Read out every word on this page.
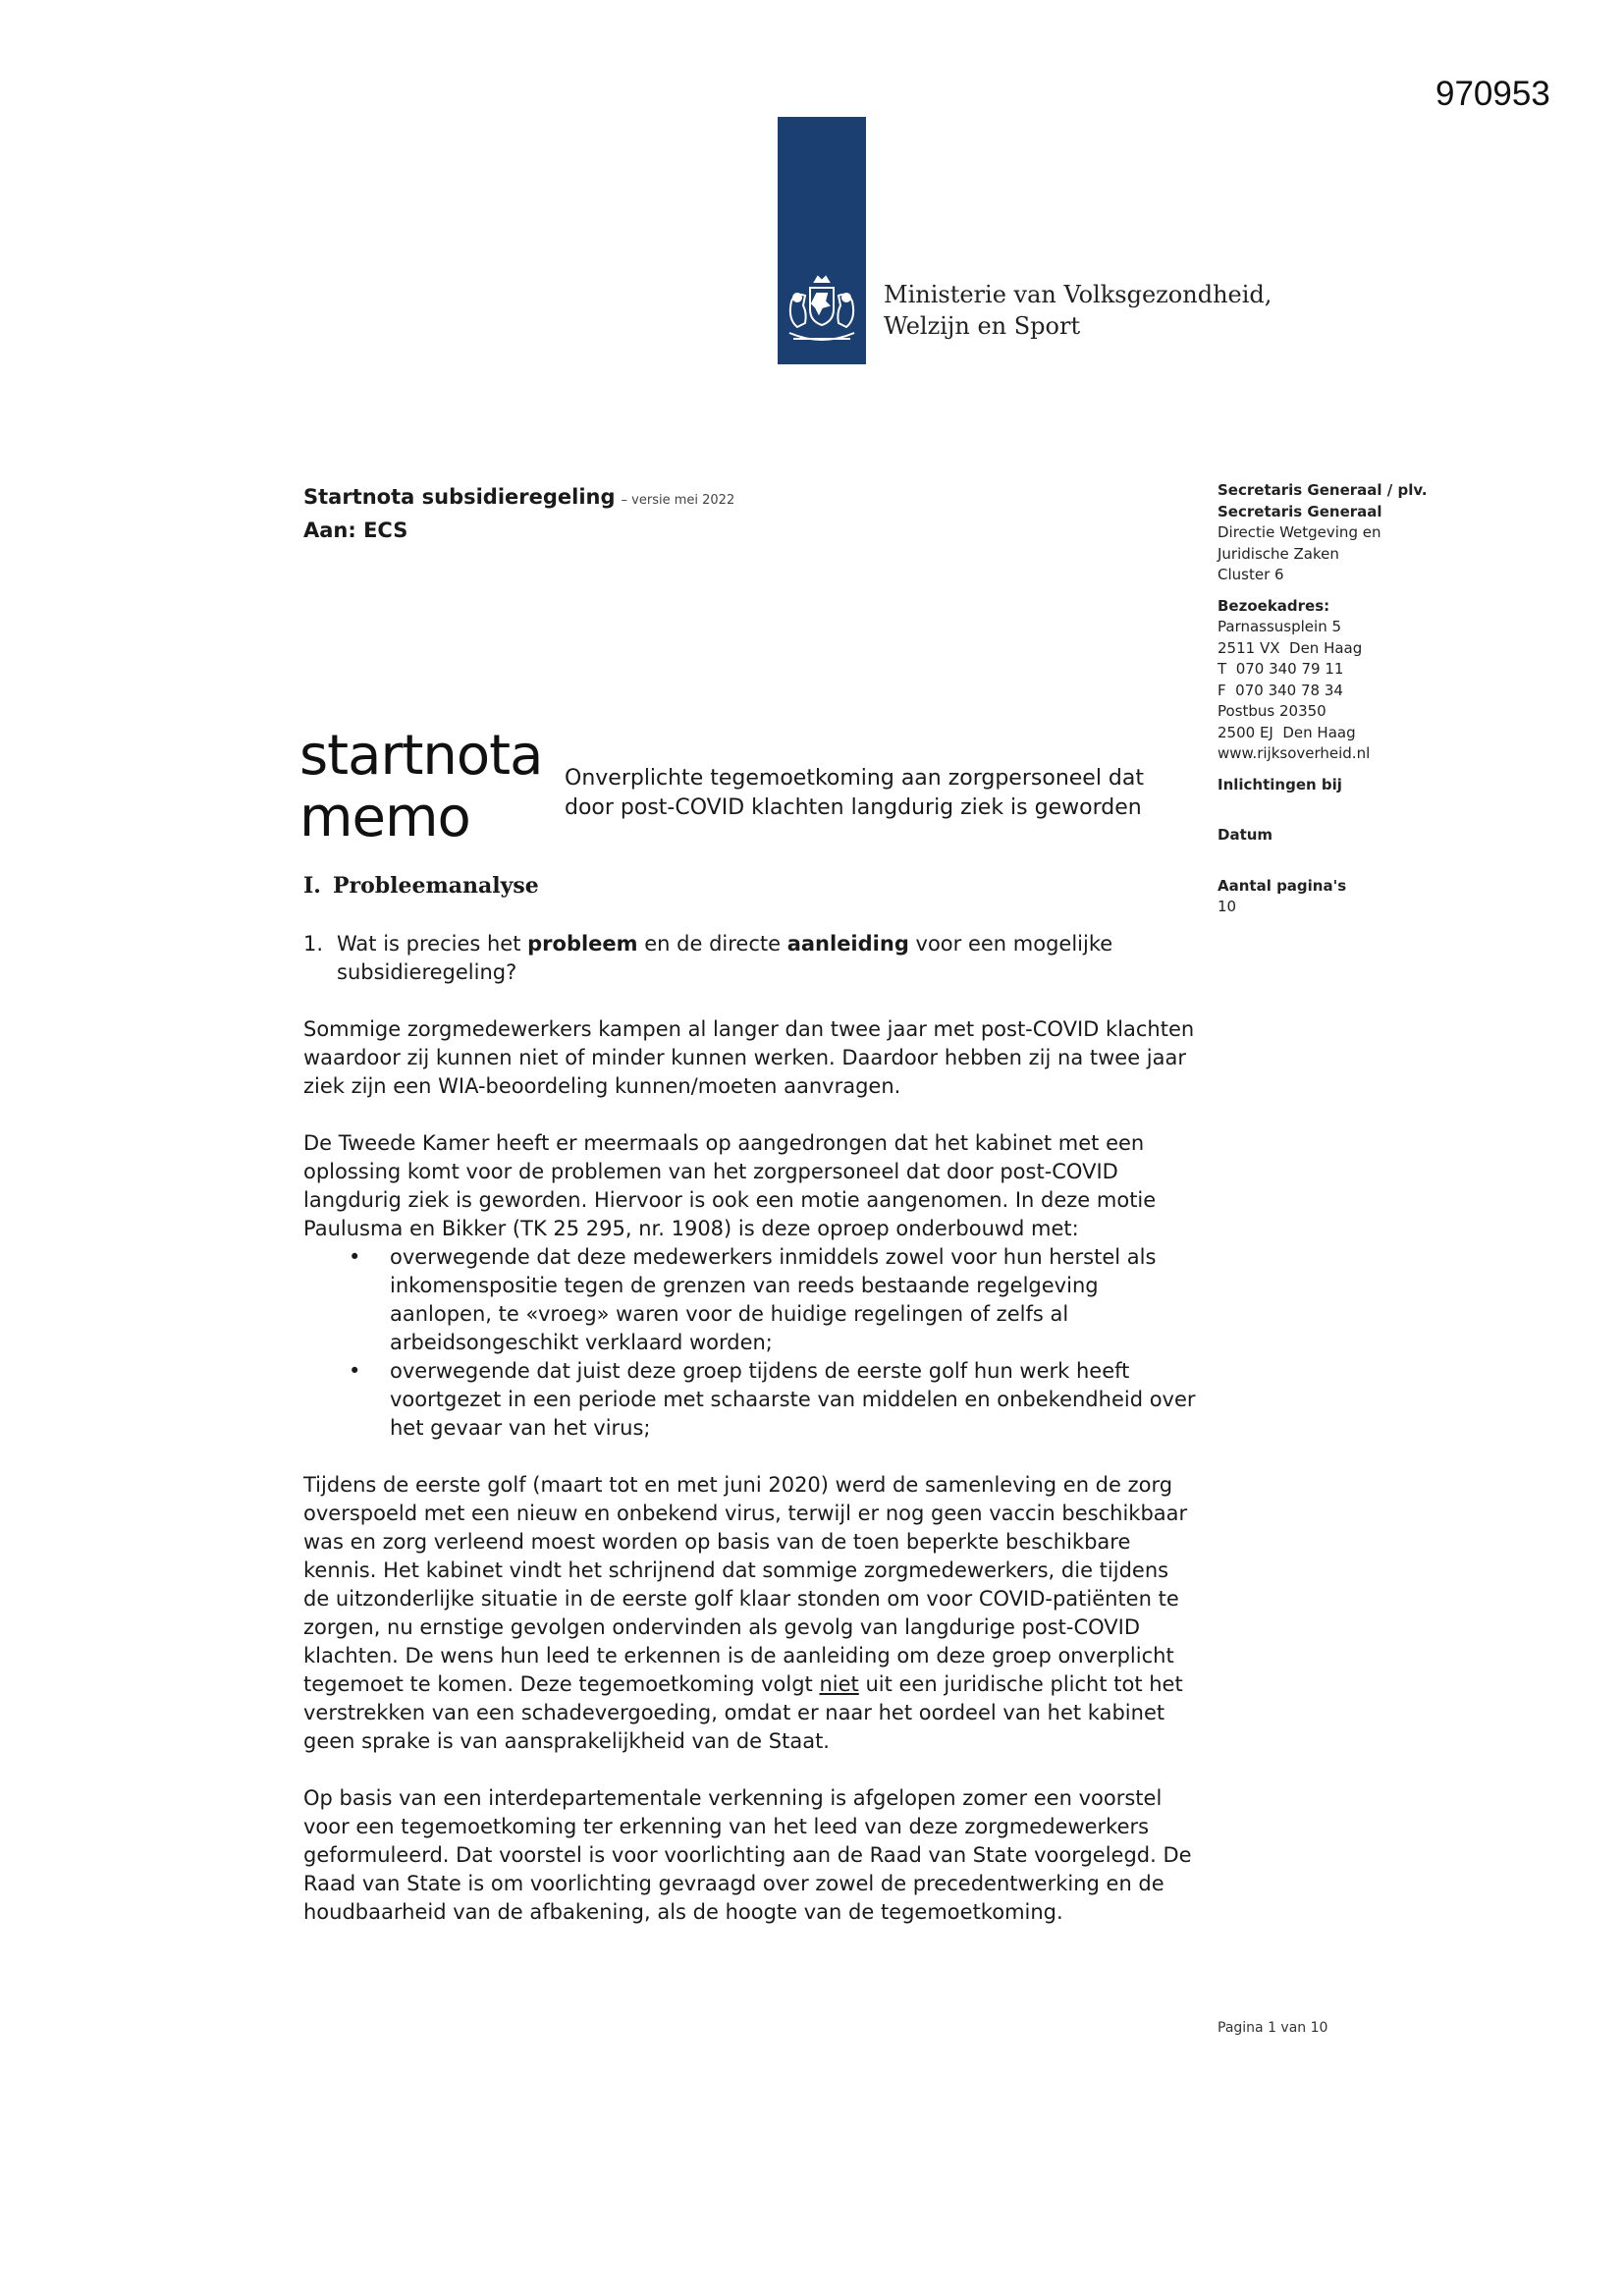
970953
Ministerie van Volksgezondheid,
Welzijn en Sport
Startnota subsidieregeling – versie mei 2022
Aan: ECS
Secretaris Generaal / plv.
Secretaris Generaal
Directie Wetgeving en
Juridische Zaken
Cluster 6
Bezoekadres:
Parnassusplein 5
2511 VX  Den Haag
T  070 340 79 11
F  070 340 78 34
Postbus 20350
2500 EJ  Den Haag
www.rijksoverheid.nl
Inlichtingen bij
Datum
Aantal pagina's
10
startnota
memo
Onverplichte tegemoetkoming aan zorgpersoneel dat door post-COVID klachten langdurig ziek is geworden
I. Probleemanalyse
1. Wat is precies het probleem en de directe aanleiding voor een mogelijke subsidieregeling?

Sommige zorgmedewerkers kampen al langer dan twee jaar met post-COVID klachten waardoor zij kunnen niet of minder kunnen werken. Daardoor hebben zij na twee jaar ziek zijn een WIA-beoordeling kunnen/moeten aanvragen.

De Tweede Kamer heeft er meermaals op aangedrongen dat het kabinet met een oplossing komt voor de problemen van het zorgpersoneel dat door post-COVID langdurig ziek is geworden. Hiervoor is ook een motie aangenomen. In deze motie Paulusma en Bikker (TK 25 295, nr. 1908) is deze oproep onderbouwd met:

• overwegende dat deze medewerkers inmiddels zowel voor hun herstel als inkomenspositie tegen de grenzen van reeds bestaande regelgeving aanlopen, te «vroeg» waren voor de huidige regelingen of zelfs al arbeidsongeschikt verklaard worden;
• overwegende dat juist deze groep tijdens de eerste golf hun werk heeft voortgezet in een periode met schaarste van middelen en onbekendheid over het gevaar van het virus;

Tijdens de eerste golf (maart tot en met juni 2020) werd de samenleving en de zorg overspoeld met een nieuw en onbekend virus, terwijl er nog geen vaccin beschikbaar was en zorg verleend moest worden op basis van de toen beperkte beschikbare kennis. Het kabinet vindt het schrijnend dat sommige zorgmedewerkers, die tijdens de uitzonderlijke situatie in de eerste golf klaar stonden om voor COVID-patiënten te zorgen, nu ernstige gevolgen ondervinden als gevolg van langdurige post-COVID klachten. De wens hun leed te erkennen is de aanleiding om deze groep onverplicht tegemoet te komen. Deze tegemoetkoming volgt niet uit een juridische plicht tot het verstrekken van een schadevergoeding, omdat er naar het oordeel van het kabinet geen sprake is van aansprakelijkheid van de Staat.

Op basis van een interdepartementale verkenning is afgelopen zomer een voorstel voor een tegemoetkoming ter erkenning van het leed van deze zorgmedewerkers geformuleerd. Dat voorstel is voor voorlichting aan de Raad van State voorgelegd. De Raad van State is om voorlichting gevraagd over zowel de precedentwerking en de houdbaarheid van de afbakening, als de hoogte van de tegemoetkoming.

Pagina 1 van 10
